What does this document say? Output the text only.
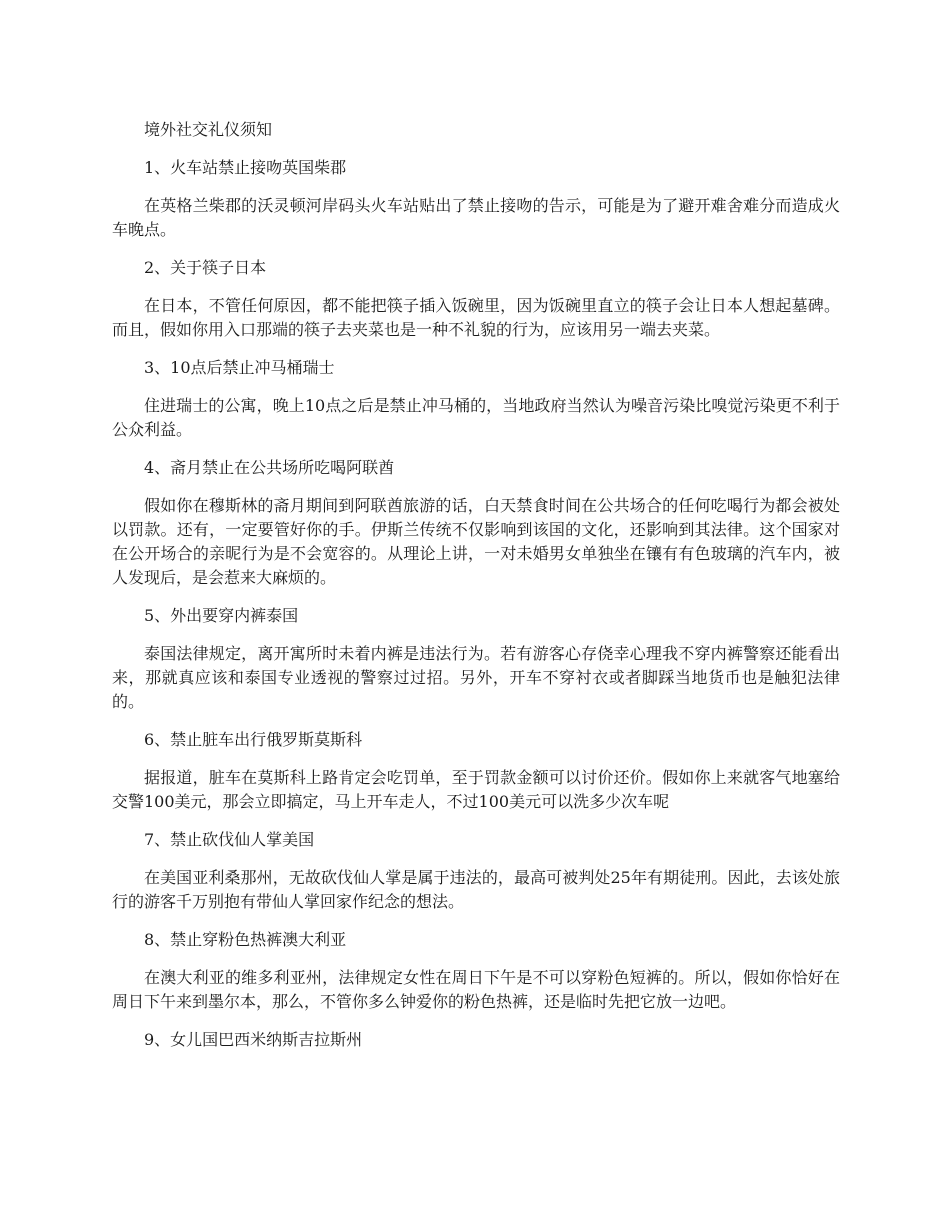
境外社交礼仪须知

1、火车站禁止接吻英国柴郡

在英格兰柴郡的沃灵顿河岸码头火车站贴出了禁止接吻的告示，可能是为了避开难舍难分而造成火车晚点。

2、关于筷子日本

在日本，不管任何原因，都不能把筷子插入饭碗里，因为饭碗里直立的筷子会让日本人想起墓碑。而且，假如你用入口那端的筷子去夹菜也是一种不礼貌的行为，应该用另一端去夹菜。

3、10点后禁止冲马桶瑞士

住进瑞士的公寓，晚上10点之后是禁止冲马桶的，当地政府当然认为噪音污染比嗅觉污染更不利于公众利益。

4、斋月禁止在公共场所吃喝阿联酋

假如你在穆斯林的斋月期间到阿联酋旅游的话，白天禁食时间在公共场合的任何吃喝行为都会被处以罚款。还有，一定要管好你的手。伊斯兰传统不仅影响到该国的文化，还影响到其法律。这个国家对在公开场合的亲昵行为是不会宽容的。从理论上讲，一对未婚男女单独坐在镶有有色玻璃的汽车内，被人发现后，是会惹来大麻烦的。

5、外出要穿内裤泰国

泰国法律规定，离开寓所时未着内裤是违法行为。若有游客心存侥幸心理我不穿内裤警察还能看出来，那就真应该和泰国专业透视的警察过过招。另外，开车不穿衬衣或者脚踩当地货币也是触犯法律的。

6、禁止脏车出行俄罗斯莫斯科

据报道，脏车在莫斯科上路肯定会吃罚单，至于罚款金额可以讨价还价。假如你上来就客气地塞给交警100美元，那会立即搞定，马上开车走人，不过100美元可以洗多少次车呢

7、禁止砍伐仙人掌美国

在美国亚利桑那州，无故砍伐仙人掌是属于违法的，最高可被判处25年有期徒刑。因此，去该处旅行的游客千万别抱有带仙人掌回家作纪念的想法。

8、禁止穿粉色热裤澳大利亚

在澳大利亚的维多利亚州，法律规定女性在周日下午是不可以穿粉色短裤的。所以，假如你恰好在周日下午来到墨尔本，那么，不管你多么钟爱你的粉色热裤，还是临时先把它放一边吧。

9、女儿国巴西米纳斯吉拉斯州
